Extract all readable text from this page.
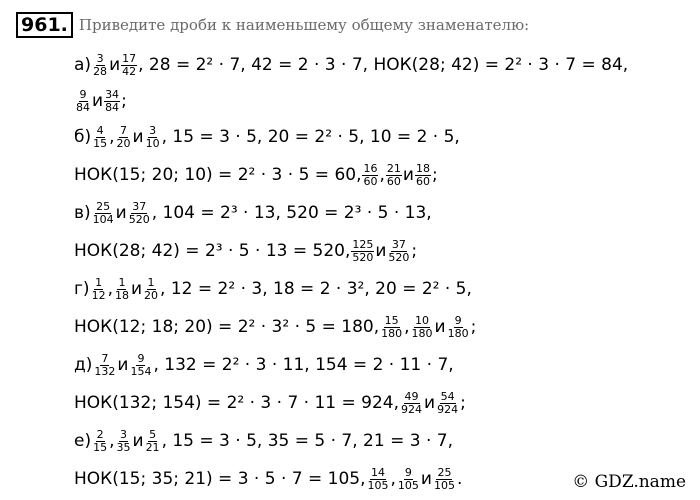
961. Приведите дроби к наименьшему общему знаменателю:
$а) \frac{3}{28}$ и $\frac{17}{42}$ , 28 = 2² · 7, 42 = 2 · 3 · 7, НОК(28; 42) = 2² · 3 · 7 = 84,
$\frac{9}{84}$ и $\frac{34}{84}$ ;
$б) \frac{4}{15}$ , $\frac{7}{20}$ и $\frac{3}{10}$ , 15 = 3 · 5, 20 = 2² · 5, 10 = 2 · 5,
НОК(15; 20; 10) = 2² · 3 · 5 = 60, $\frac{16}{60}$ , $\frac{21}{60}$ и $\frac{18}{60}$ ;
$в) \frac{25}{104}$ и $\frac{37}{520}$ , 104 = 2³ · 13, 520 = 2³ · 5 · 13,
НОК(28; 42) = 2³ · 5 · 13 = 520, $\frac{125}{520}$ и $\frac{37}{520}$ ;
$г) \frac{1}{12}$ , $\frac{1}{18}$ и $\frac{1}{20}$ , 12 = 2² · 3, 18 = 2 · 3², 20 = 2² · 5,
НОК(12; 18; 20) = 2² · 3² · 5 = 180, $\frac{15}{180}$ , $\frac{10}{180}$ и $\frac{9}{180}$ ;
$д) \frac{7}{132}$ и $\frac{9}{154}$ , 132 = 2² · 3 · 11, 154 = 2 · 11 · 7,
НОК(132; 154) = 2² · 3 · 7 · 11 = 924, $\frac{49}{924}$ и $\frac{54}{924}$ ;
$е) \frac{2}{15}$ , $\frac{3}{35}$ и $\frac{5}{21}$ , 15 = 3 · 5, 35 = 5 · 7, 21 = 3 · 7,
НОК(15; 35; 21) = 3 · 5 · 7 = 105, $\frac{14}{105}$ , $\frac{9}{105}$ и $\frac{25}{105}$ .	© GDZ.name
